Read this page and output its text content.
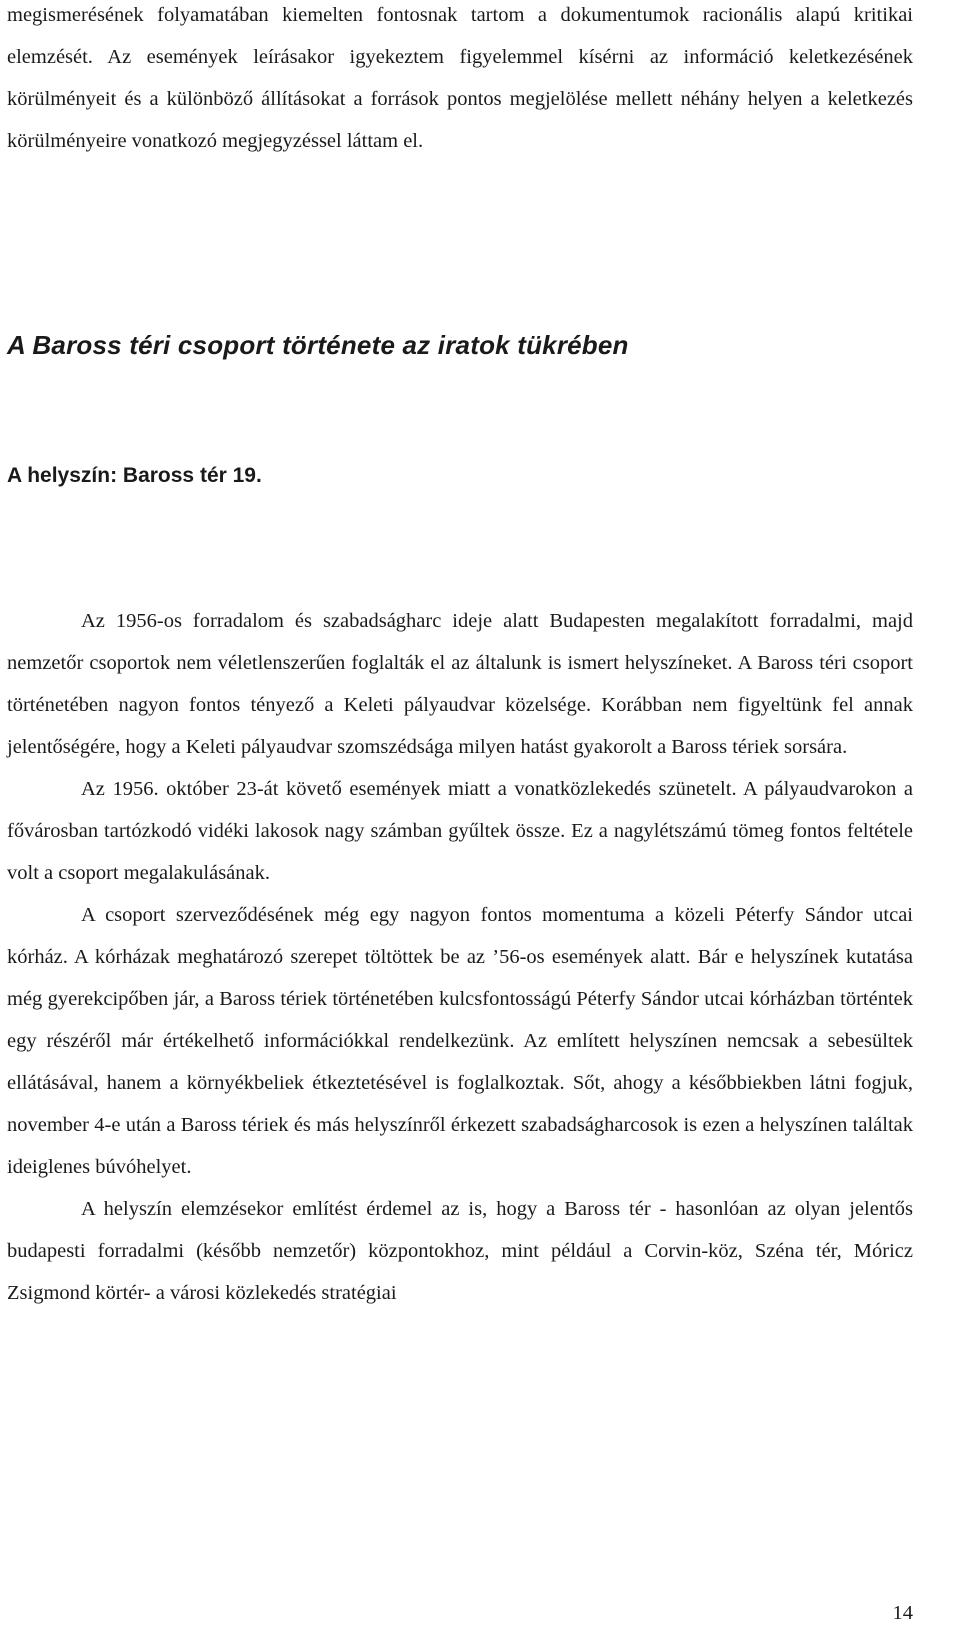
megismerésének folyamatában kiemelten fontosnak tartom a dokumentumok racionális alapú kritikai elemzését. Az események leírásakor igyekeztem figyelemmel kísérni az információ keletkezésének körülményeit és a különböző állításokat a források pontos megjelölése mellett néhány helyen a keletkezés körülményeire vonatkozó megjegyzéssel láttam el.

A Baross téri csoport története az iratok tükrében
A helyszín: Baross tér 19.

Az 1956-os forradalom és szabadságharc ideje alatt Budapesten megalakított forradalmi, majd nemzetőr csoportok nem véletlenszerűen foglalták el az általunk is ismert helyszíneket. A Baross téri csoport történetében nagyon fontos tényező a Keleti pályaudvar közelsége. Korábban nem figyeltünk fel annak jelentőségére, hogy a Keleti pályaudvar szomszédsága milyen hatást gyakorolt a Baross tériek sorsára.

Az 1956. október 23-át követő események miatt a vonatközlekedés szünetelt. A pályaudvarokon a fővárosban tartózkodó vidéki lakosok nagy számban gyűltek össze. Ez a nagylétszámú tömeg fontos feltétele volt a csoport megalakulásának.

A csoport szerveződésének még egy nagyon fontos momentuma a közeli Péterfy Sándor utcai kórház. A kórházak meghatározó szerepet töltöttek be az ’56-os események alatt. Bár e helyszínek kutatása még gyerekcipőben jár, a Baross tériek történetében kulcsfontosságú Péterfy Sándor utcai kórházban történtek egy részéről már értékelhető információkkal rendelkezünk. Az említett helyszínen nemcsak a sebesültek ellátásával, hanem a környékbeliek étkeztetésével is foglalkoztak. Sőt, ahogy a későbbiekben látni fogjuk, november 4-e után a Baross tériek és más helyszínről érkezett szabadságharcosok is ezen a helyszínen találtak ideiglenes búvóhelyet.

A helyszín elemzésekor említést érdemel az is, hogy a Baross tér - hasonlóan az olyan jelentős budapesti forradalmi (később nemzetőr) központokhoz, mint például a Corvin-köz, Széna tér, Móricz Zsigmond körtér- a városi közlekedés stratégiai

14
